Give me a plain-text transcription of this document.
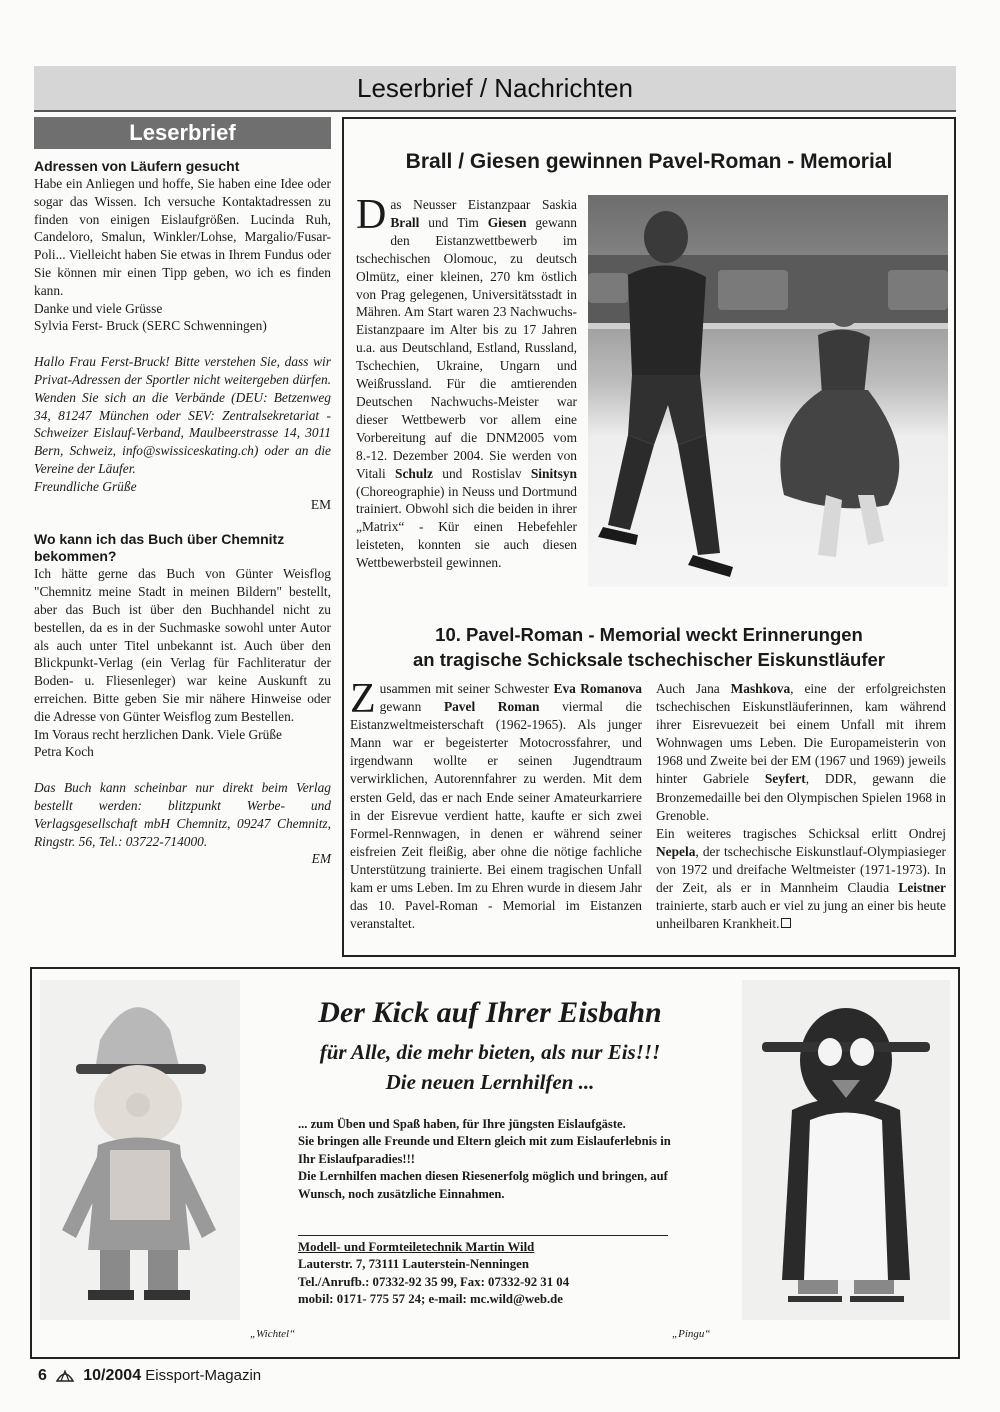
Leserbrief / Nachrichten
Leserbrief

Adressen von Läufern gesucht

Habe ein Anliegen und hoffe, Sie haben eine Idee oder sogar das Wissen. Ich versuche Kontaktadressen zu finden von einigen Eislaufgrößen. Lucinda Ruh, Candeloro, Smalun, Winkler/Lohse, Margalio/Fusar-Poli... Vielleicht haben Sie etwas in Ihrem Fundus oder Sie können mir einen Tipp geben, wo ich es finden kann.

Danke und viele Grüsse

Sylvia Ferst- Bruck (SERC Schwenningen)

Hallo Frau Ferst-Bruck! Bitte verstehen Sie, dass wir Privat-Adressen der Sportler nicht weitergeben dürfen. Wenden Sie sich an die Verbände (DEU: Betzenweg 34, 81247 München oder SEV: Zentralsekretariat - Schweizer Eislauf-Verband, Maulbeerstrasse 14, 3011 Bern, Schweiz, info@swissiceskating.ch) oder an die Vereine der Läufer.

Freundliche Grüße

EM

Wo kann ich das Buch über Chemnitz bekommen?

Ich hätte gerne das Buch von Günter Weisflog "Chemnitz meine Stadt in meinen Bildern" bestellt, aber das Buch ist über den Buchhandel nicht zu bestellen, da es in der Suchmaske sowohl unter Autor als auch unter Titel unbekannt ist. Auch über den Blickpunkt-Verlag (ein Verlag für Fachliteratur der Boden- u. Fliesenleger) war keine Auskunft zu erreichen. Bitte geben Sie mir nähere Hinweise oder die Adresse von Günter Weisflog zum Bestellen.

Im Voraus recht herzlichen Dank. Viele Grüße

Petra Koch

Das Buch kann scheinbar nur direkt beim Verlag bestellt werden: blitzpunkt Werbe- und Verlagsgesellschaft mbH Chemnitz, 09247 Chemnitz, Ringstr. 56, Tel.: 03722-714000.

EM

Brall / Giesen gewinnen Pavel-Roman - Memorial
Das Neusser Eistanzpaar Saskia Brall und Tim Giesen gewann den Eistanzwettbewerb im tschechischen Olomouc, zu deutsch Olmütz, einer kleinen, 270 km östlich von Prag gelegenen, Universitätsstadt in Mähren. Am Start waren 23 Nachwuchs-Eistanzpaare im Alter bis zu 17 Jahren u.a. aus Deutschland, Estland, Russland, Tschechien, Ukraine, Ungarn und Weißrussland. Für die amtierenden Deutschen Nachwuchs-Meister war dieser Wettbewerb vor allem eine Vorbereitung auf die DNM2005 vom 8.-12. Dezember 2004. Sie werden von Vitali Schulz und Rostislav Sinitsyn (Choreographie) in Neuss und Dortmund trainiert. Obwohl sich die beiden in ihrer „Matrix“ - Kür einen Hebefehler leisteten, konnten sie auch diesen Wettbewerbsteil gewinnen.
10. Pavel-Roman - Memorial weckt Erinnerungen
an tragische Schicksale tschechischer Eiskunstläufer
Zusammen mit seiner Schwester Eva Romanova gewann Pavel Roman viermal die Eistanzweltmeisterschaft (1962-1965). Als junger Mann war er begeisterter Motocrossfahrer, und irgendwann wollte er seinen Jugendtraum verwirklichen, Autorennfahrer zu werden. Mit dem ersten Geld, das er nach Ende seiner Amateurkarriere in der Eisrevue verdient hatte, kaufte er sich zwei Formel-Rennwagen, in denen er während seiner eisfreien Zeit fleißig, aber ohne die nötige fachliche Unterstützung trainierte. Bei einem tragischen Unfall kam er ums Leben. Im zu Ehren wurde in diesem Jahr das 10. Pavel-Roman - Memorial im Eistanzen veranstaltet.
Auch Jana Mashkova, eine der erfolgreichsten tschechischen Eiskunstläuferinnen, kam während ihrer Eisrevuezeit bei einem Unfall mit ihrem Wohnwagen ums Leben. Die Europameisterin von 1968 und Zweite bei der EM (1967 und 1969) jeweils hinter Gabriele Seyfert, DDR, gewann die Bronzemedaille bei den Olympischen Spielen 1968 in Grenoble.
Ein weiteres tragisches Schicksal erlitt Ondrej Nepela, der tschechische Eiskunstlauf-Olympiasieger von 1972 und dreifache Weltmeister (1971-1973). In der Zeit, als er in Mannheim Claudia Leistner trainierte, starb auch er viel zu jung an einer bis heute unheilbaren Krankheit.
Der Kick auf Ihrer Eisbahn
für Alle, die mehr bieten, als nur Eis!!!
Die neuen Lernhilfen ...
... zum Üben und Spaß haben, für Ihre jüngsten Eislaufgäste.
Sie bringen alle Freunde und Eltern gleich mit zum Eislauferlebnis in Ihr Eislaufparadies!!!
Die Lernhilfen machen diesen Riesenerfolg möglich und bringen, auf Wunsch, noch zusätzliche Einnahmen.
Modell- und Formteiletechnik Martin Wild
Lauterstr. 7, 73111 Lauterstein-Nenningen
Tel./Anrufb.: 07332-92 35 99, Fax: 07332-92 31 04
mobil: 0171- 775 57 24; e-mail: mc.wild@web.de
„Wichtel“	„Pingu“
6 10/2004 Eissport-Magazin
